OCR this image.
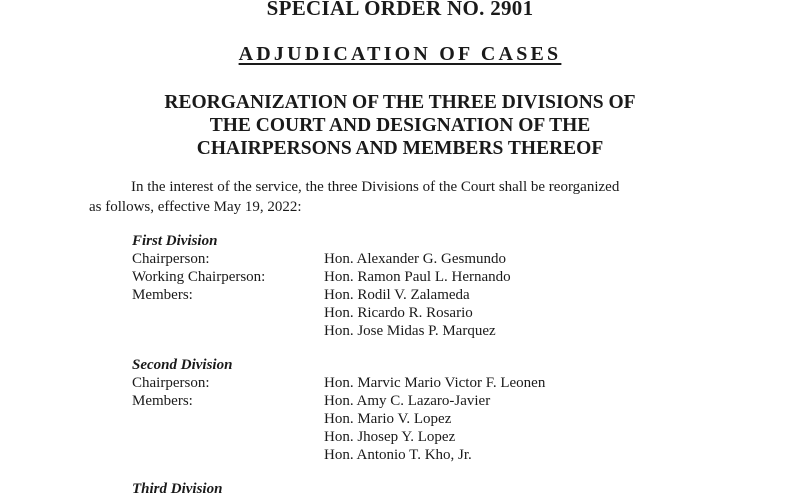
SPECIAL ORDER NO. 2901
ADJUDICATION OF CASES
REORGANIZATION OF THE THREE DIVISIONS OF
THE COURT AND DESIGNATION OF THE
CHAIRPERSONS AND MEMBERS THEREOF
In the interest of the service, the three Divisions of the Court shall be reorganized
as follows, effective May 19, 2022:
First Division
Chairperson:	Hon. Alexander G. Gesmundo
Working Chairperson:	Hon. Ramon Paul L. Hernando
Members:	Hon. Rodil V. Zalameda
Hon. Ricardo R. Rosario
Hon. Jose Midas P. Marquez
Second Division
Chairperson:	Hon. Marvic Mario Victor F. Leonen
Members:	Hon. Amy C. Lazaro-Javier
Hon. Mario V. Lopez
Hon. Jhosep Y. Lopez
Hon. Antonio T. Kho, Jr.
Third Division
